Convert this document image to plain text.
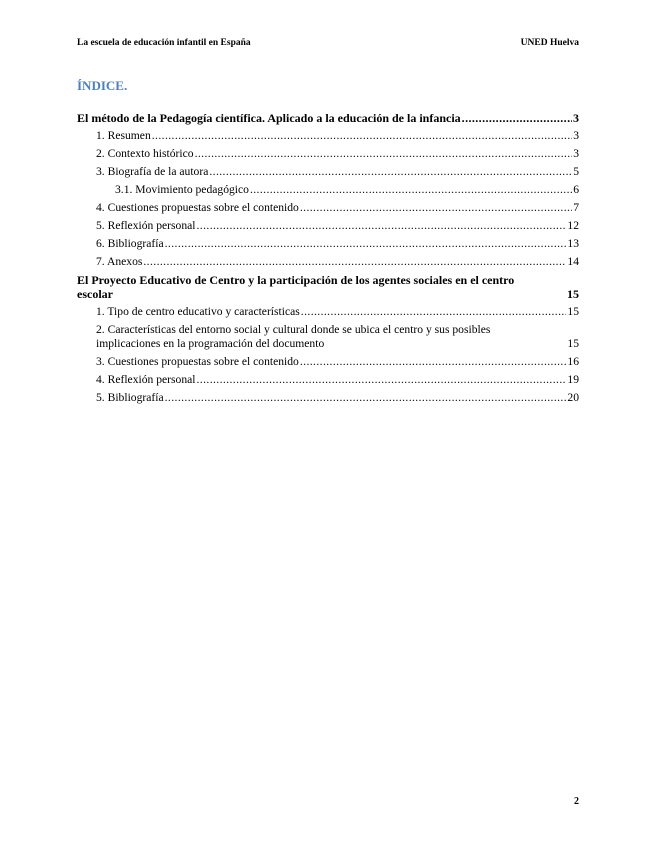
La escuela de educación infantil en España	UNED Huelva
ÍNDICE.
El método de la Pedagogía científica. Aplicado a la educación de la infancia .....	3
1. Resumen .....	3
2. Contexto histórico .....	3
3. Biografía de la autora .....	5
3.1. Movimiento pedagógico .....	6
4. Cuestiones propuestas sobre el contenido .....	7
5. Reflexión personal .....	12
6. Bibliografía .....	13
7. Anexos .....	14
El Proyecto Educativo de Centro y la participación de los agentes sociales en el centro
escolar	15
1. Tipo de centro educativo y características .....	15
2. Características del entorno social y cultural donde se ubica el centro y sus posibles
implicaciones en la programación del documento	15
3. Cuestiones propuestas sobre el contenido .....	16
4. Reflexión personal .....	19
5. Bibliografía .....	20
2
